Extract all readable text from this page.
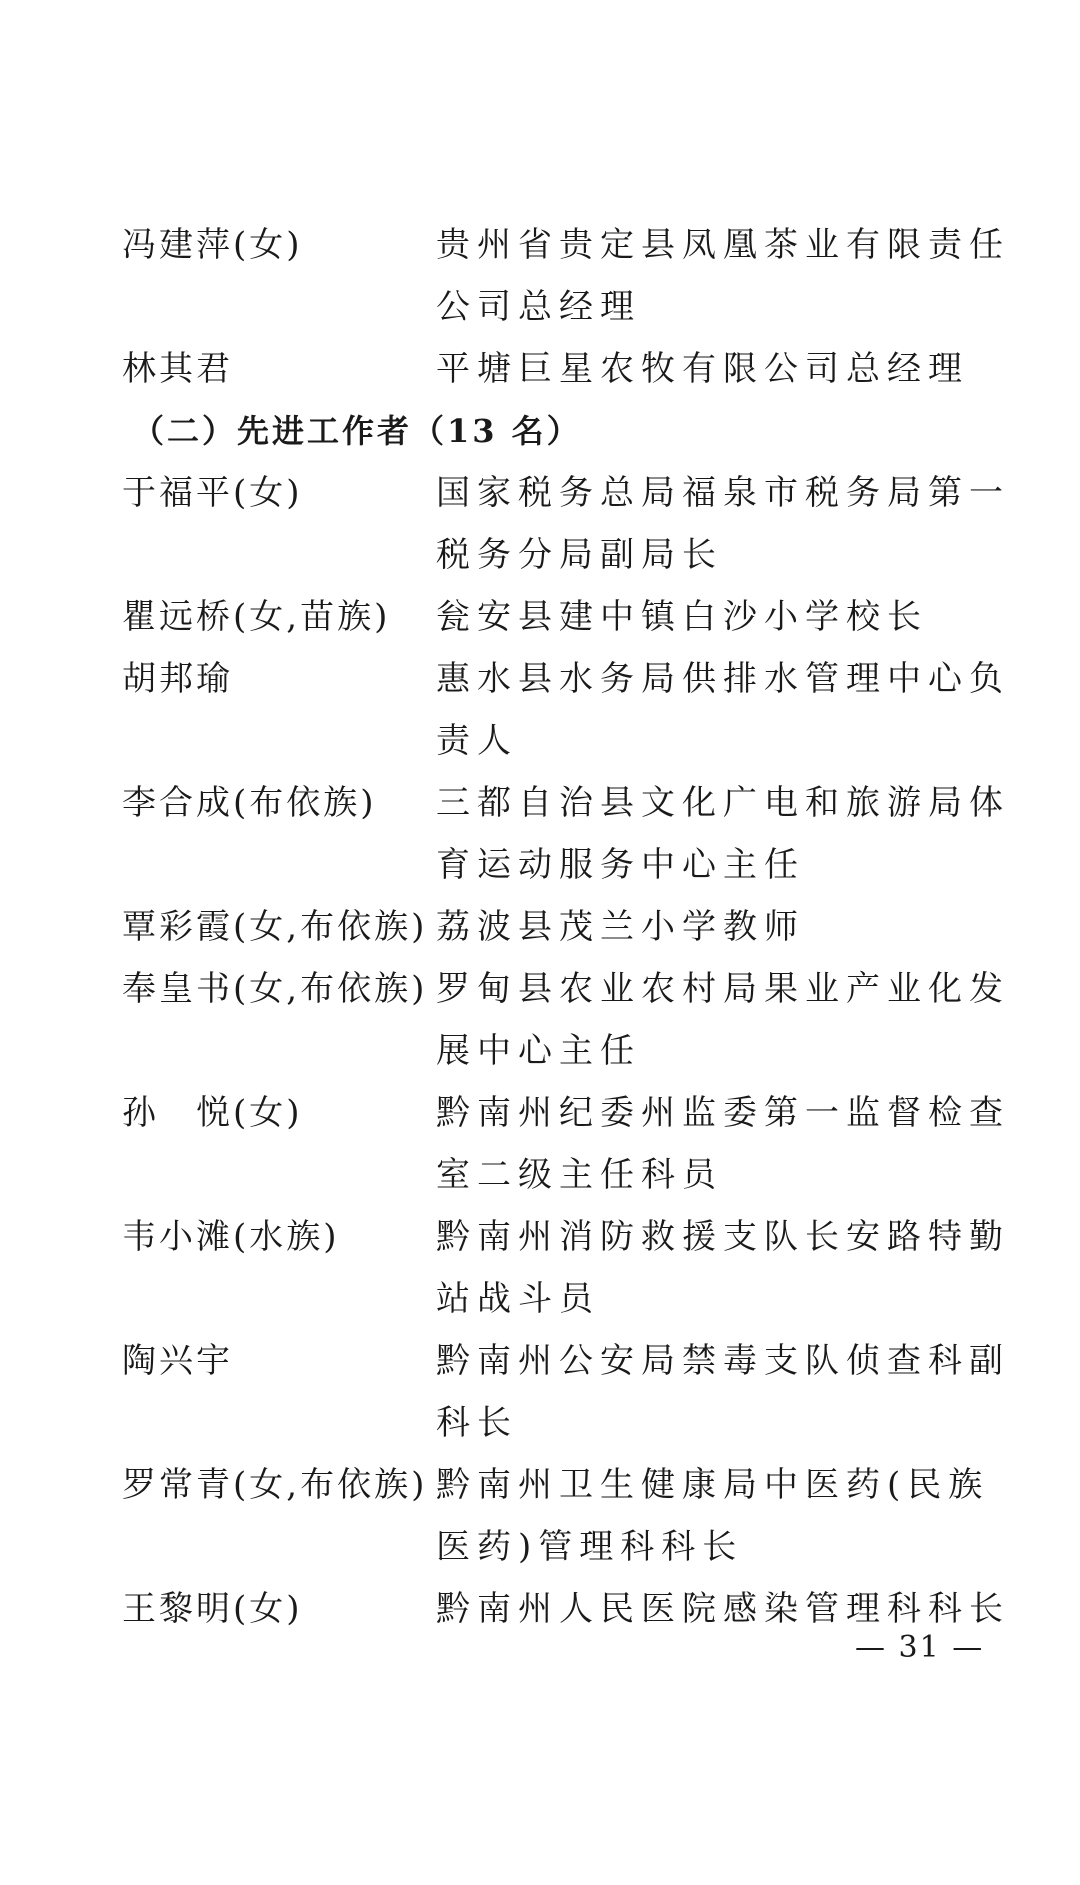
冯建萍(女)	贵州省贵定县凤凰茶业有限责任公司总经理
林其君	平塘巨星农牧有限公司总经理
（二）先进工作者（13 名）
于福平(女)	国家税务总局福泉市税务局第一税务分局副局长
瞿远桥(女,苗族)	瓮安县建中镇白沙小学校长
胡邦瑜	惠水县水务局供排水管理中心负责人
李合成(布依族)	三都自治县文化广电和旅游局体育运动服务中心主任
覃彩霞(女,布依族) 荔波县茂兰小学教师
奉皇书(女,布依族) 罗甸县农业农村局果业产业化发展中心主任
孙　悦(女)	黔南州纪委州监委第一监督检查室二级主任科员
韦小滩(水族)	黔南州消防救援支队长安路特勤站战斗员
陶兴宇	黔南州公安局禁毒支队侦查科副科长
罗常青(女,布依族) 黔南州卫生健康局中医药(民族医药)管理科科长
王黎明(女)	黔南州人民医院感染管理科科长
— 31 —
